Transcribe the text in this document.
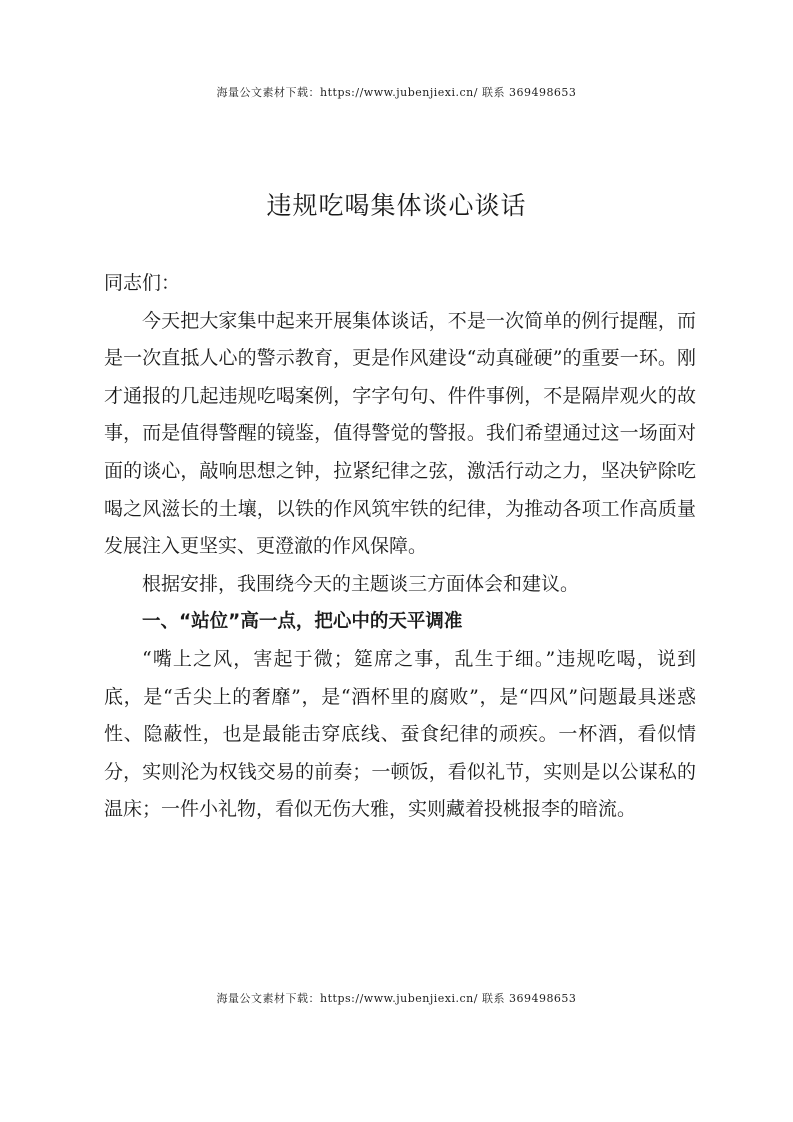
海量公文素材下载：https://www.jubenjiexi.cn/ 联系 369498653
违规吃喝集体谈心谈话

同志们：

今天把大家集中起来开展集体谈话，不是一次简单的例行提醒，而是一次直抵人心的警示教育，更是作风建设“动真碰硬”的重要一环。刚才通报的几起违规吃喝案例，字字句句、件件事例，不是隔岸观火的故事，而是值得警醒的镜鉴，值得警觉的警报。我们希望通过这一场面对面的谈心，敲响思想之钟，拉紧纪律之弦，激活行动之力，坚决铲除吃喝之风滋长的土壤，以铁的作风筑牢铁的纪律，为推动各项工作高质量发展注入更坚实、更澄澈的作风保障。

根据安排，我围绕今天的主题谈三方面体会和建议。

一、“站位”高一点，把心中的天平调准

“嘴上之风，害起于微；筵席之事，乱生于细。”违规吃喝，说到底，是“舌尖上的奢靡”，是“酒杯里的腐败”，是“四风”问题最具迷惑性、隐蔽性，也是最能击穿底线、蚕食纪律的顽疾。一杯酒，看似情分，实则沦为权钱交易的前奏；一顿饭，看似礼节，实则是以公谋私的温床；一件小礼物，看似无伤大雅，实则藏着投桃报李的暗流。

海量公文素材下载：https://www.jubenjiexi.cn/ 联系 369498653
